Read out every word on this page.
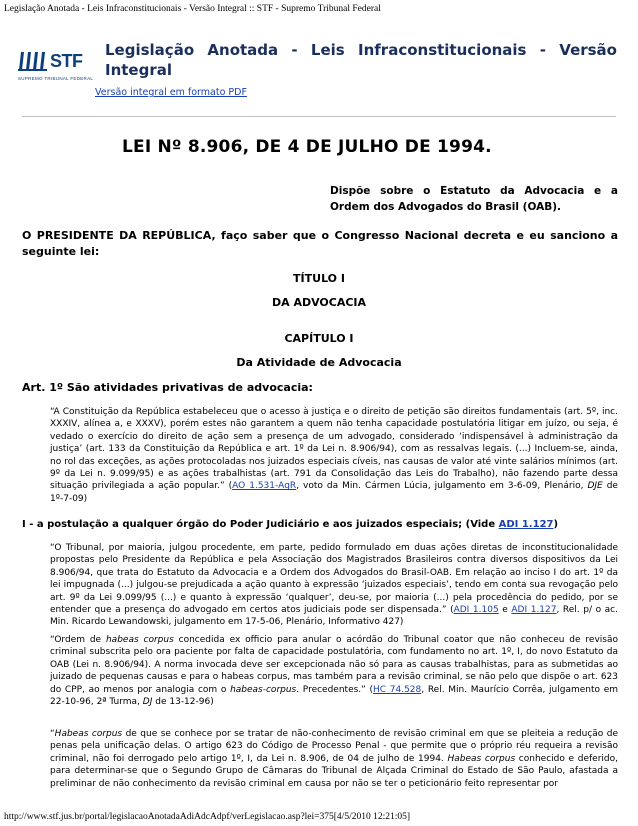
Legislação Anotada - Leis Infraconstitucionais - Versão Integral :: STF - Supremo Tribunal Federal
STF
SUPREMO TRIBUNAL FEDERAL
Legislação Anotada - Leis Infraconstitucionais - Versão Integral
Versão integral em formato PDF
LEI Nº 8.906, DE 4 DE JULHO DE 1994.
Dispõe sobre o Estatuto da Advocacia e a Ordem dos Advogados do Brasil (OAB).
O PRESIDENTE DA REPÚBLICA, faço saber que o Congresso Nacional decreta e eu sanciono a seguinte lei:
TÍTULO I
DA ADVOCACIA
CAPÍTULO I
Da Atividade de Advocacia
Art. 1º São atividades privativas de advocacia:
“A Constituição da República estabeleceu que o acesso à justiça e o direito de petição são direitos fundamentais (art. 5º, inc. XXXIV, alínea a, e XXXV), porém estes não garantem a quem não tenha capacidade postulatória litigar em juízo, ou seja, é vedado o exercício do direito de ação sem a presença de um advogado, considerado ‘indispensável à administração da justiça’ (art. 133 da Constituição da República e art. 1º da Lei n. 8.906/94), com as ressalvas legais. (...) Incluem-se, ainda, no rol das exceções, as ações protocoladas nos juizados especiais cíveis, nas causas de valor até vinte salários mínimos (art. 9º da Lei n. 9.099/95) e as ações trabalhistas (art. 791 da Consolidação das Leis do Trabalho), não fazendo parte dessa situação privilegiada a ação popular.” (AO 1.531-AgR, voto da Min. Cármen Lúcia, julgamento em 3-6-09, Plenário, DJE de 1º-7-09)
I - a postulação a qualquer órgão do Poder Judiciário e aos juizados especiais; (Vide ADI 1.127)
“O Tribunal, por maioria, julgou procedente, em parte, pedido formulado em duas ações diretas de inconstitucionalidade propostas pelo Presidente da República e pela Associação dos Magistrados Brasileiros contra diversos dispositivos da Lei 8.906/94, que trata do Estatuto da Advocacia e a Ordem dos Advogados do Brasil-OAB. Em relação ao inciso I do art. 1º da lei impugnada (...) julgou-se prejudicada a ação quanto à expressão ‘juizados especiais’, tendo em conta sua revogação pelo art. 9º da Lei 9.099/95 (...) e quanto à expressão ‘qualquer’, deu-se, por maioria (...) pela procedência do pedido, por se entender que a presença do advogado em certos atos judiciais pode ser dispensada.” (ADI 1.105 e ADI 1.127, Rel. p/ o ac. Min. Ricardo Lewandowski, julgamento em 17-5-06, Plenário, Informativo 427)
“Ordem de habeas corpus concedida ex officio para anular o acórdão do Tribunal coator que não conheceu de revisão criminal subscrita pelo ora paciente por falta de capacidade postulatória, com fundamento no art. 1º, I, do novo Estatuto da OAB (Lei n. 8.906/94). A norma invocada deve ser excepcionada não só para as causas trabalhistas, para as submetidas ao juizado de pequenas causas e para o habeas corpus, mas também para a revisão criminal, se não pelo que dispõe o art. 623 do CPP, ao menos por analogia com o habeas-corpus. Precedentes.” (HC 74.528, Rel. Min. Maurício Corrêa, julgamento em 22-10-96, 2ª Turma, DJ de 13-12-96)
“Habeas corpus de que se conhece por se tratar de não-conhecimento de revisão criminal em que se pleiteia a redução de penas pela unificação delas. O artigo 623 do Código de Processo Penal - que permite que o próprio réu requeira a revisão criminal, não foi derrogado pelo artigo 1º, I, da Lei n. 8.906, de 04 de julho de 1994. Habeas corpus conhecido e deferido, para determinar-se que o Segundo Grupo de Câmaras do Tribunal de Alçada Criminal do Estado de São Paulo, afastada a preliminar de não conhecimento da revisão criminal em causa por não se ter o peticionário feito representar por
http://www.stf.jus.br/portal/legislacaoAnotadaAdiAdcAdpf/verLegislacao.asp?lei=375[4/5/2010 12:21:05]
